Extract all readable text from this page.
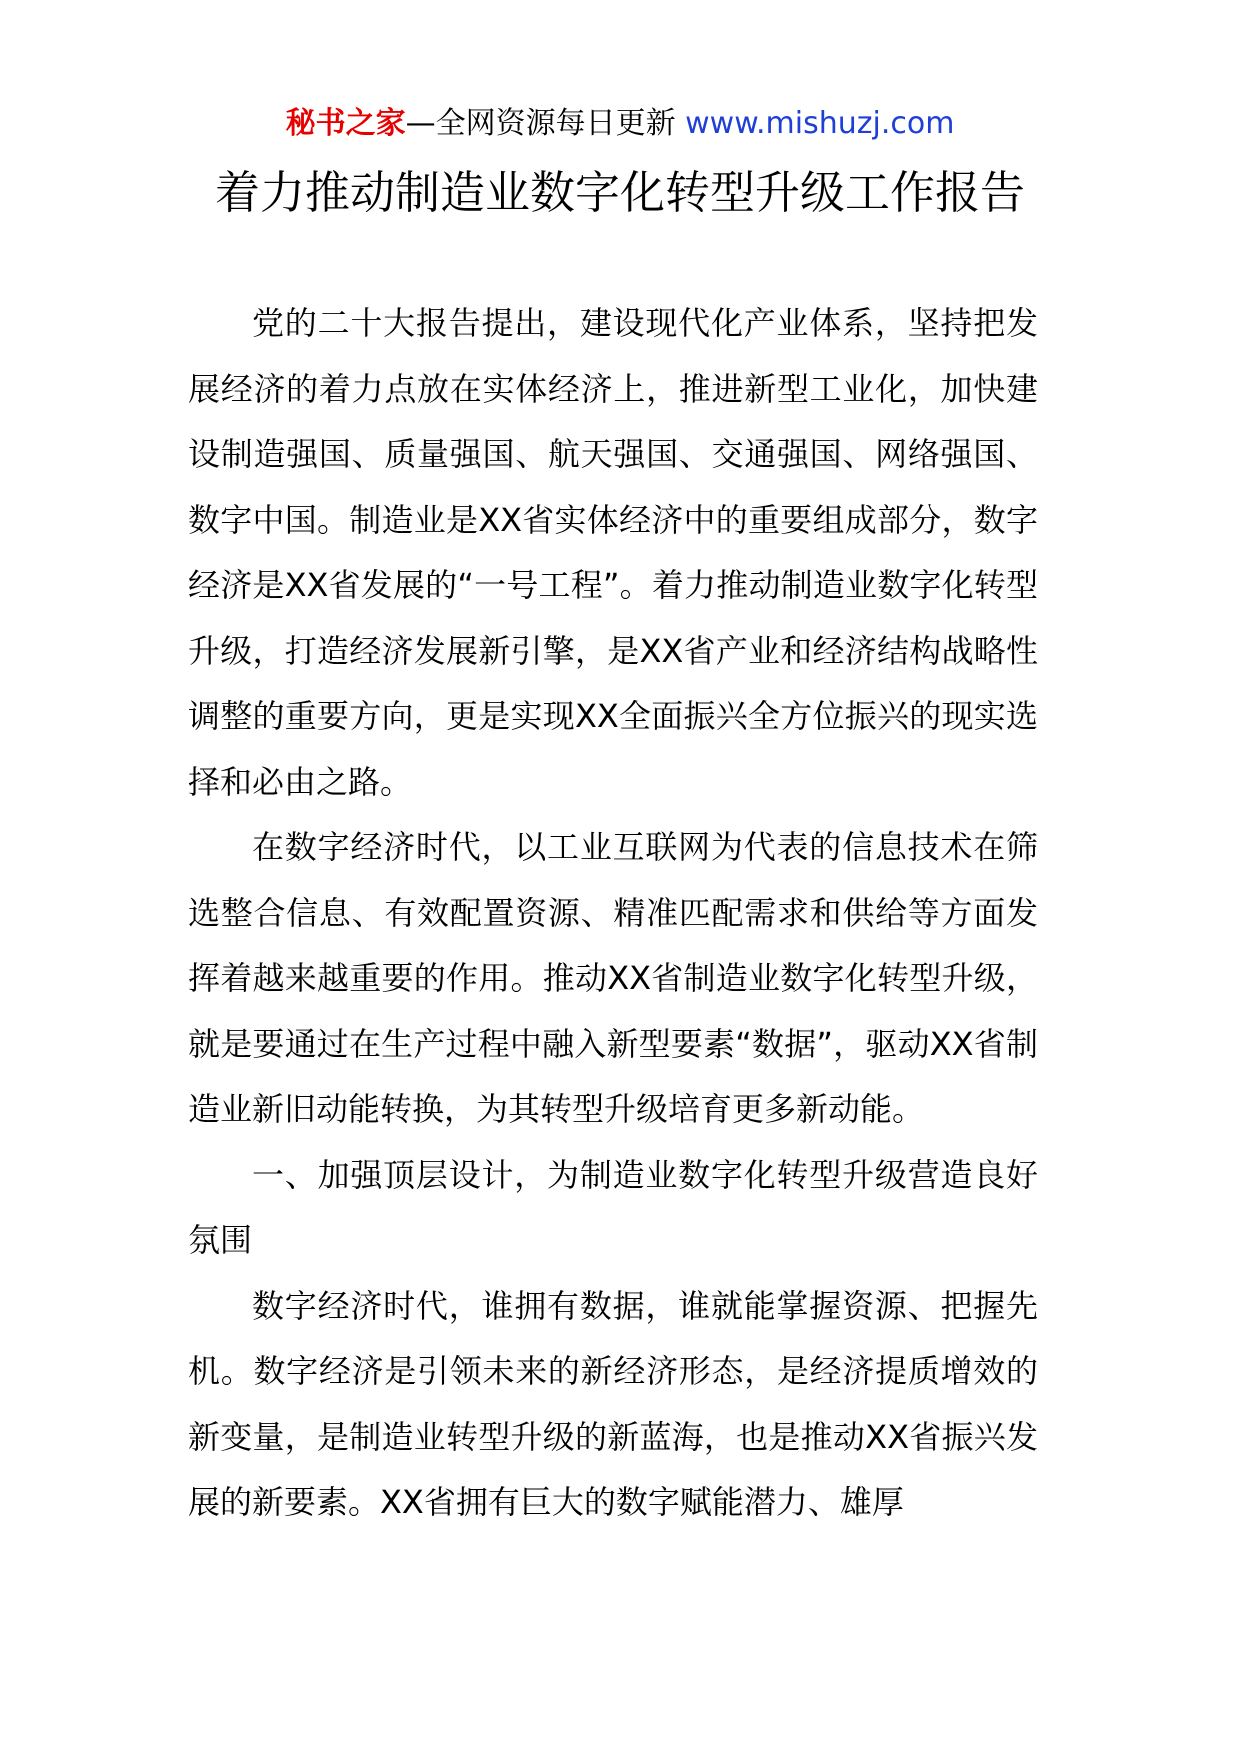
秘书之家—全网资源每日更新 www.mishuzj.com
着力推动制造业数字化转型升级工作报告

党的二十大报告提出，建设现代化产业体系，坚持把发展经济的着力点放在实体经济上，推进新型工业化，加快建设制造强国、质量强国、航天强国、交通强国、网络强国、数字中国。制造业是XX省实体经济中的重要组成部分，数字经济是XX省发展的“一号工程”。着力推动制造业数字化转型升级，打造经济发展新引擎，是XX省产业和经济结构战略性调整的重要方向，更是实现XX全面振兴全方位振兴的现实选择和必由之路。

在数字经济时代，以工业互联网为代表的信息技术在筛选整合信息、有效配置资源、精准匹配需求和供给等方面发挥着越来越重要的作用。推动XX省制造业数字化转型升级，就是要通过在生产过程中融入新型要素“数据”，驱动XX省制造业新旧动能转换，为其转型升级培育更多新动能。

一、加强顶层设计，为制造业数字化转型升级营造良好氛围

数字经济时代，谁拥有数据，谁就能掌握资源、把握先机。数字经济是引领未来的新经济形态，是经济提质增效的新变量，是制造业转型升级的新蓝海，也是推动XX省振兴发展的新要素。XX省拥有巨大的数字赋能潜力、雄厚
